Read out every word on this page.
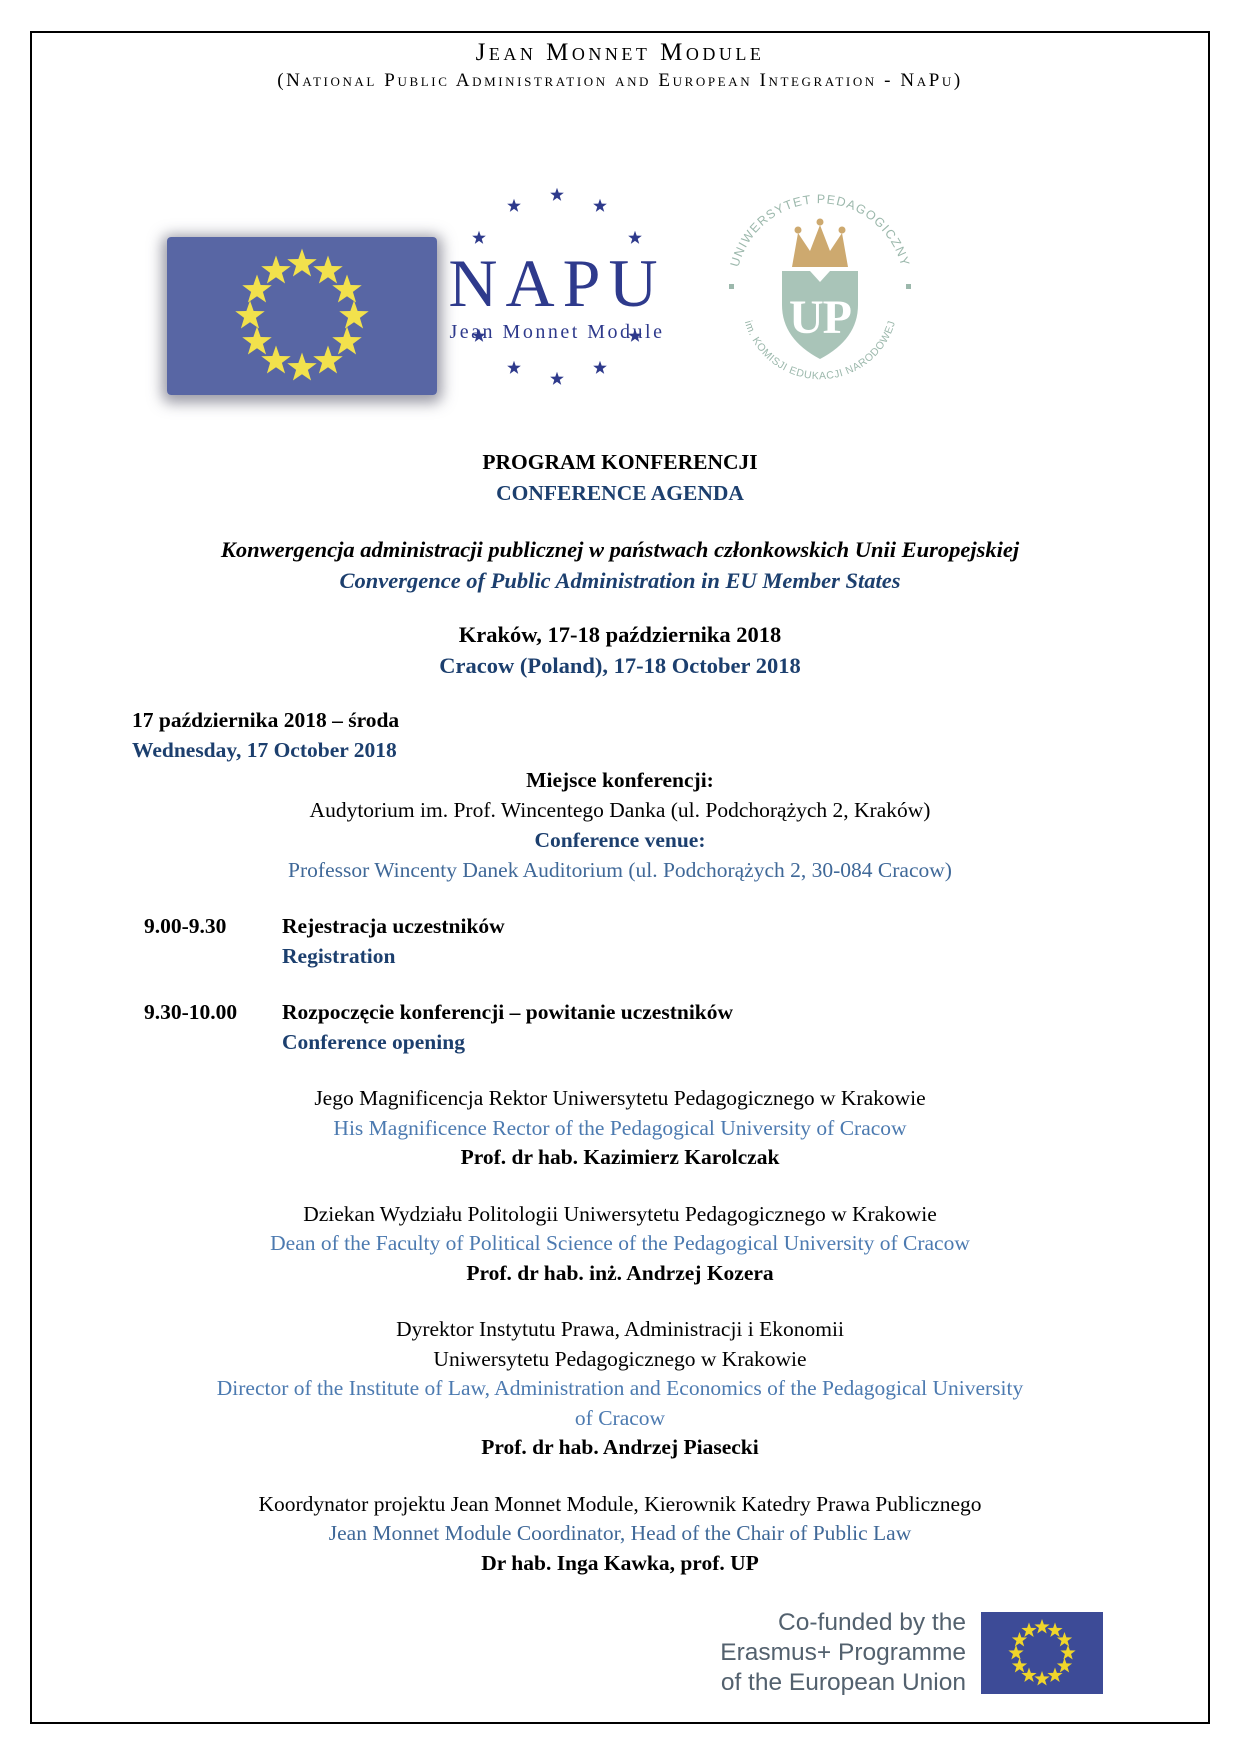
Jean Monnet Module
(National Public Administration and European Integration - NaPu)
NAPU
Jean Monnet Module
UNIWERSYTET PEDAGOGICZNY
im. KOMISJI EDUKACJI NARODOWEJ
UP
PROGRAM KONFERENCJI
CONFERENCE AGENDA
Konwergencja administracji publicznej w państwach członkowskich Unii Europejskiej
Convergence of Public Administration in EU Member States
Kraków, 17-18 października 2018
Cracow (Poland), 17-18 October 2018
17 października 2018 – środa
Wednesday, 17 October 2018
Miejsce konferencji:
Audytorium im. Prof. Wincentego Danka (ul. Podchorążych 2, Kraków)
Conference venue:
Professor Wincenty Danek Auditorium (ul. Podchorążych 2, 30-084 Cracow)
9.00-9.30	Rejestracja uczestników
Registration
9.30-10.00	Rozpoczęcie konferencji – powitanie uczestników
Conference opening
Jego Magnificencja Rektor Uniwersytetu Pedagogicznego w Krakowie
His Magnificence Rector of the Pedagogical University of Cracow
Prof. dr hab. Kazimierz Karolczak
Dziekan Wydziału Politologii Uniwersytetu Pedagogicznego w Krakowie
Dean of the Faculty of Political Science of the Pedagogical University of Cracow
Prof. dr hab. inż. Andrzej Kozera
Dyrektor Instytutu Prawa, Administracji i Ekonomii
Uniwersytetu Pedagogicznego w Krakowie
Director of the Institute of Law, Administration and Economics of the Pedagogical University
of Cracow
Prof. dr hab. Andrzej Piasecki
Koordynator projektu Jean Monnet Module, Kierownik Katedry Prawa Publicznego
Jean Monnet Module Coordinator, Head of the Chair of Public Law
Dr hab. Inga Kawka, prof. UP
Co-funded by the
Erasmus+ Programme
of the European Union
